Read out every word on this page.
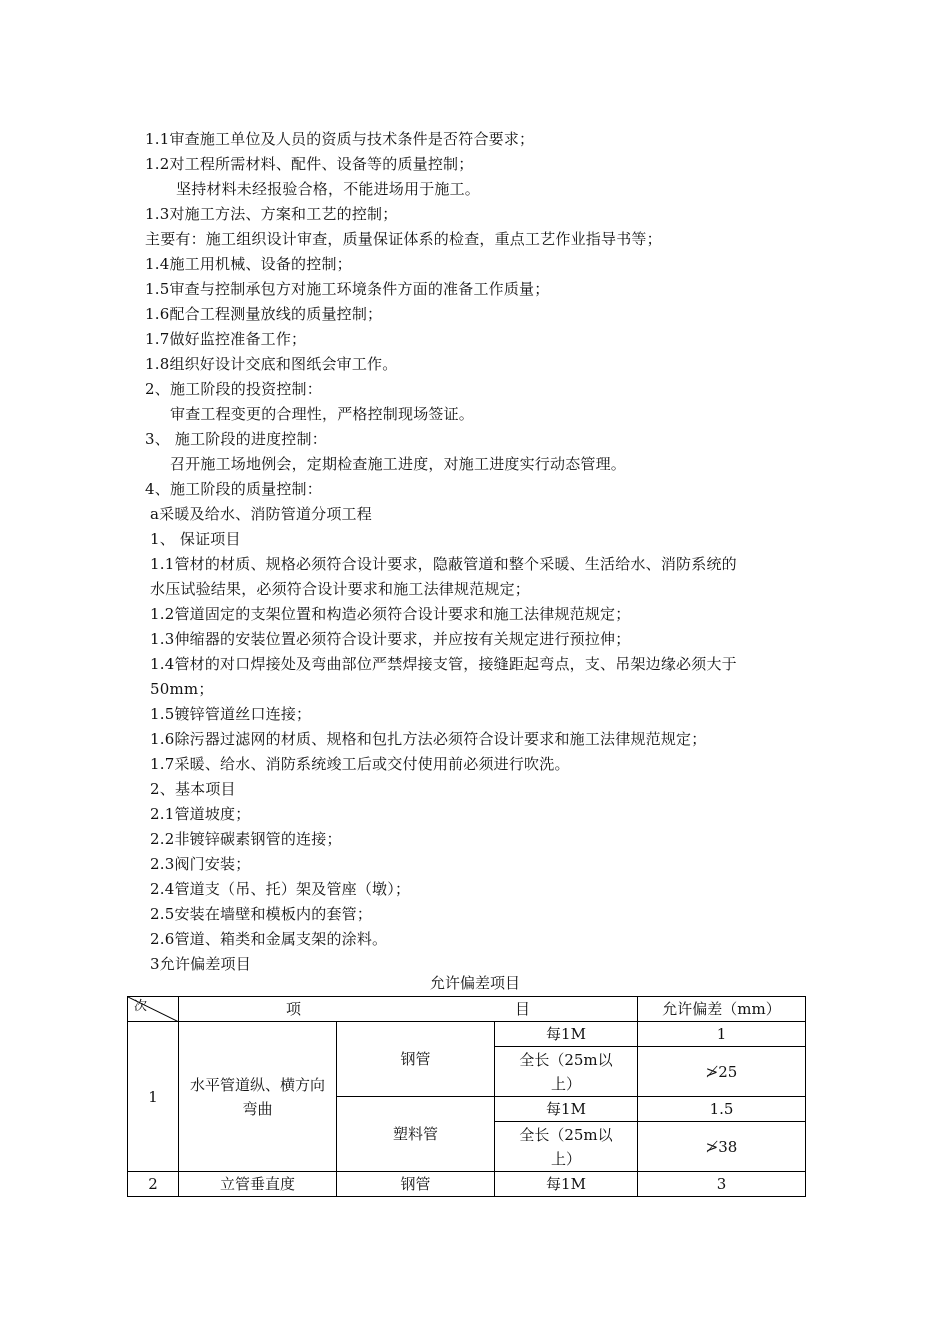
1.1审查施工单位及人员的资质与技术条件是否符合要求；
1.2对工程所需材料、配件、设备等的质量控制；
坚持材料未经报验合格，不能进场用于施工。
1.3对施工方法、方案和工艺的控制；
主要有：施工组织设计审查，质量保证体系的检查，重点工艺作业指导书等；
1.4施工用机械、设备的控制；
1.5审查与控制承包方对施工环境条件方面的准备工作质量；
1.6配合工程测量放线的质量控制；
1.7做好监控准备工作；
1.8组织好设计交底和图纸会审工作。
2、施工阶段的投资控制：
审查工程变更的合理性，严格控制现场签证。
3、 施工阶段的进度控制：
召开施工场地例会，定期检查施工进度，对施工进度实行动态管理。
4、施工阶段的质量控制：
a采暖及给水、消防管道分项工程
1、 保证项目
1.1管材的材质、规格必须符合设计要求，隐蔽管道和整个采暖、生活给水、消防系统的
水压试验结果，必须符合设计要求和施工法律规范规定；
1.2管道固定的支架位置和构造必须符合设计要求和施工法律规范规定；
1.3伸缩器的安装位置必须符合设计要求，并应按有关规定进行预拉伸；
1.4管材的对口焊接处及弯曲部位严禁焊接支管，接缝距起弯点，支、吊架边缘必须大于
50mm；
1.5镀锌管道丝口连接；
1.6除污器过滤网的材质、规格和包扎方法必须符合设计要求和施工法律规范规定；
1.7采暖、给水、消防系统竣工后或交付使用前必须进行吹洗。
2、基本项目
2.1管道坡度；
2.2非镀锌碳素钢管的连接；
2.3阀门安装；
2.4管道支（吊、托）架及管座（墩）；
2.5安装在墙壁和模板内的套管；
2.6管道、箱类和金属支架的涂料。
3允许偏差项目
允许偏差项目
次	项 目			允许偏差（mm）
1	水平管道纵、横方向弯曲	钢管	每1M	1
			全长（25m以上）	≯25
		塑料管	每1M	1.5
			全长（25m以上）	≯38
2	立管垂直度	钢管	每1M	3
